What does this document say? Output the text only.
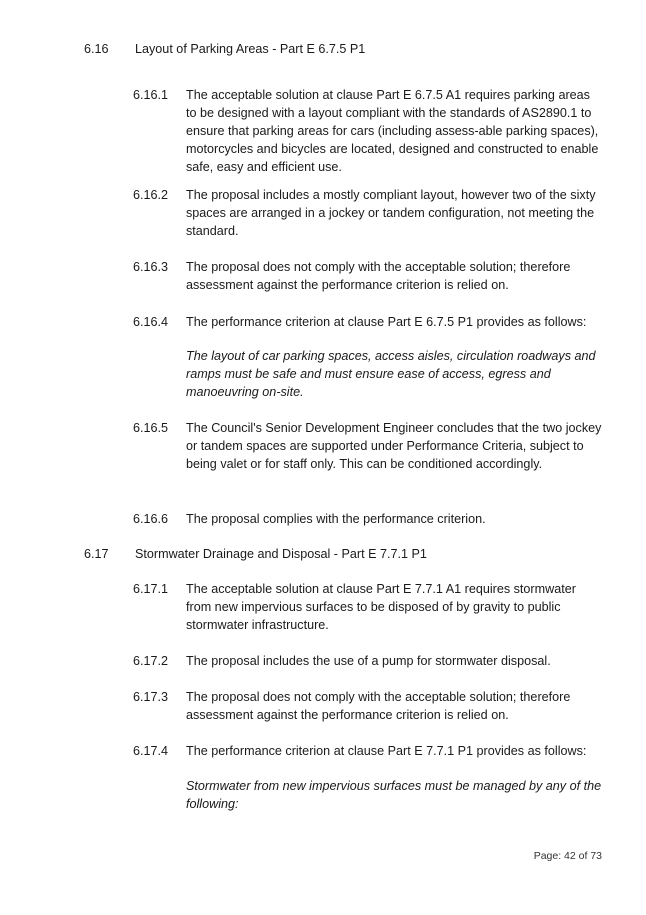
6.16	Layout of Parking Areas - Part E 6.7.5 P1
6.16.1 The acceptable solution at clause Part E 6.7.5 A1 requires parking areas to be designed with a layout compliant with the standards of AS2890.1 to ensure that parking areas for cars (including assess-able parking spaces), motorcycles and bicycles are located, designed and constructed to enable safe, easy and efficient use.
6.16.2 The proposal includes a mostly compliant layout, however two of the sixty spaces are arranged in a jockey or tandem configuration, not meeting the standard.
6.16.3 The proposal does not comply with the acceptable solution; therefore assessment against the performance criterion is relied on.
6.16.4 The performance criterion at clause Part E 6.7.5 P1 provides as follows:
The layout of car parking spaces, access aisles, circulation roadways and ramps must be safe and must ensure ease of access, egress and manoeuvring on-site.
6.16.5 The Council's Senior Development Engineer concludes that the two jockey or tandem spaces are supported under Performance Criteria, subject to being valet or for staff only. This can be conditioned accordingly.
6.16.6 The proposal complies with the performance criterion.
6.17	Stormwater Drainage and Disposal - Part E 7.7.1 P1
6.17.1 The acceptable solution at clause Part E 7.7.1 A1 requires stormwater from new impervious surfaces to be disposed of by gravity to public stormwater infrastructure.
6.17.2 The proposal includes the use of a pump for stormwater disposal.
6.17.3 The proposal does not comply with the acceptable solution; therefore assessment against the performance criterion is relied on.
6.17.4 The performance criterion at clause Part E 7.7.1 P1 provides as follows:
Stormwater from new impervious surfaces must be managed by any of the following:
Page: 42 of 73
